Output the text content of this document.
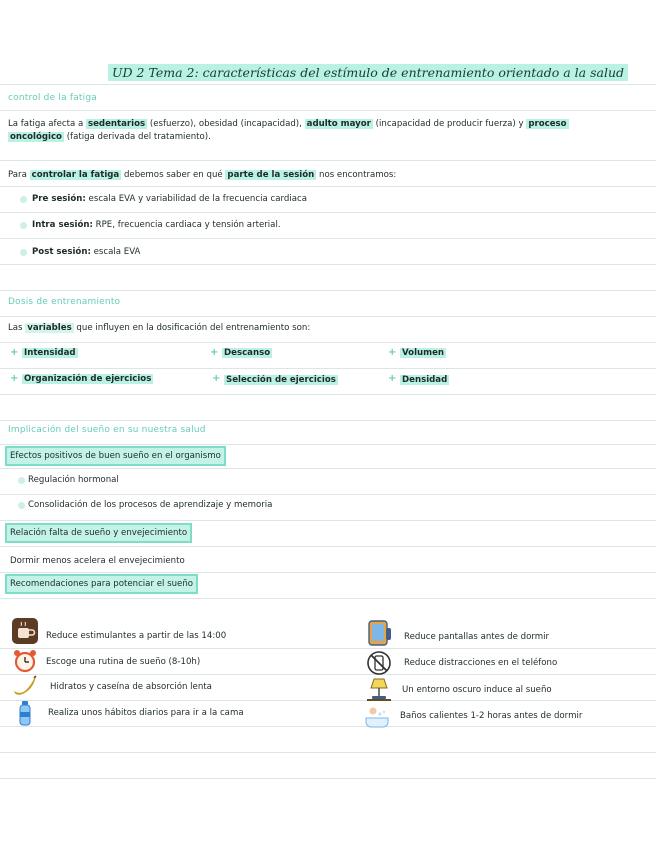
UD 2 Tema 2: características del estímulo de entrenamiento orientado a la salud
control de la fatiga
La fatiga afecta a sedentarios (esfuerzo), obesidad (incapacidad), adulto mayor (incapacidad de producir fuerza) y proceso
oncológico (fatiga derivada del tratamiento).
Para controlar la fatiga debemos saber en qué parte de la sesión nos encontramos:
Pre sesión: escala EVA y variabilidad de la frecuencia cardiaca
Intra sesión: RPE, frecuencia cardiaca y tensión arterial.
Post sesión: escala EVA
Dosis de entrenamiento
Las variables que influyen en la dosificación del entrenamiento son:
+ Intensidad	+ Descanso	+ Volumen
+ Organización de ejercicios	+ Selección de ejercicios	+ Densidad
Implicación del sueño en su nuestra salud
Efectos positivos de buen sueño en el organismo
Regulación hormonal
Consolidación de los procesos de aprendizaje y memoria
Relación falta de sueño y envejecimiento
Dormir menos acelera el envejecimiento
Recomendaciones para potenciar el sueño
Reduce estimulantes a partir de las 14:00
Escoge una rutina de sueño (8-10h)
Hidratos y caseína de absorción lenta
Realiza unos hábitos diarios para ir a la cama
Reduce pantallas antes de dormir
Reduce distracciones en el teléfono
Un entorno oscuro induce al sueño
Baños calientes 1-2 horas antes de dormir
